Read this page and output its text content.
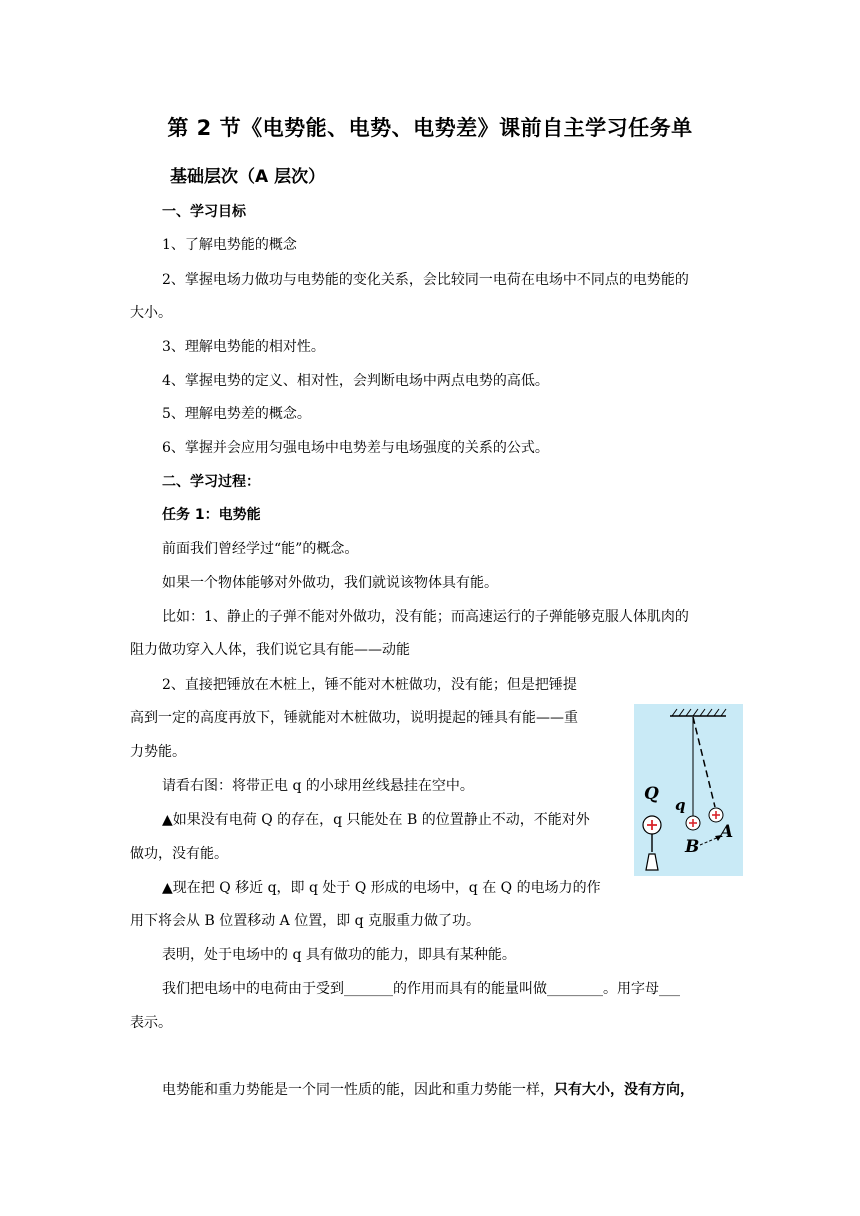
第 2 节《电势能、电势、电势差》课前自主学习任务单
基础层次（A 层次）
一、学习目标
1、了解电势能的概念
2、掌握电场力做功与电势能的变化关系，会比较同一电荷在电场中不同点的电势能的
大小。
3、理解电势能的相对性。
4、掌握电势的定义、相对性，会判断电场中两点电势的高低。
5、理解电势差的概念。
6、掌握并会应用匀强电场中电势差与电场强度的关系的公式。
二、学习过程：
任务 1：电势能
前面我们曾经学过“能”的概念。
如果一个物体能够对外做功，我们就说该物体具有能。
比如：1、静止的子弹不能对外做功，没有能；而高速运行的子弹能够克服人体肌肉的
阻力做功穿入人体，我们说它具有能——动能
2、直接把锤放在木桩上，锤不能对木桩做功，没有能；但是把锤提
高到一定的高度再放下，锤就能对木桩做功，说明提起的锤具有能——重
力势能。
请看右图：将带正电 q 的小球用丝线悬挂在空中。
▲如果没有电荷 Q 的存在，q 只能处在 B 的位置静止不动，不能对外
做功，没有能。
▲现在把 Q 移近 q，即 q 处于 Q 形成的电场中，q 在 Q 的电场力的作
用下将会从 B 位置移动 A 位置，即 q 克服重力做了功。
表明，处于电场中的 q 具有做功的能力，即具有某种能。
我们把电场中的电荷由于受到_______的作用而具有的能量叫做________。用字母___
表示。
电势能和重力势能是一个同一性质的能，因此和重力势能一样，只有大小，没有方向，
Q
q
B
A
